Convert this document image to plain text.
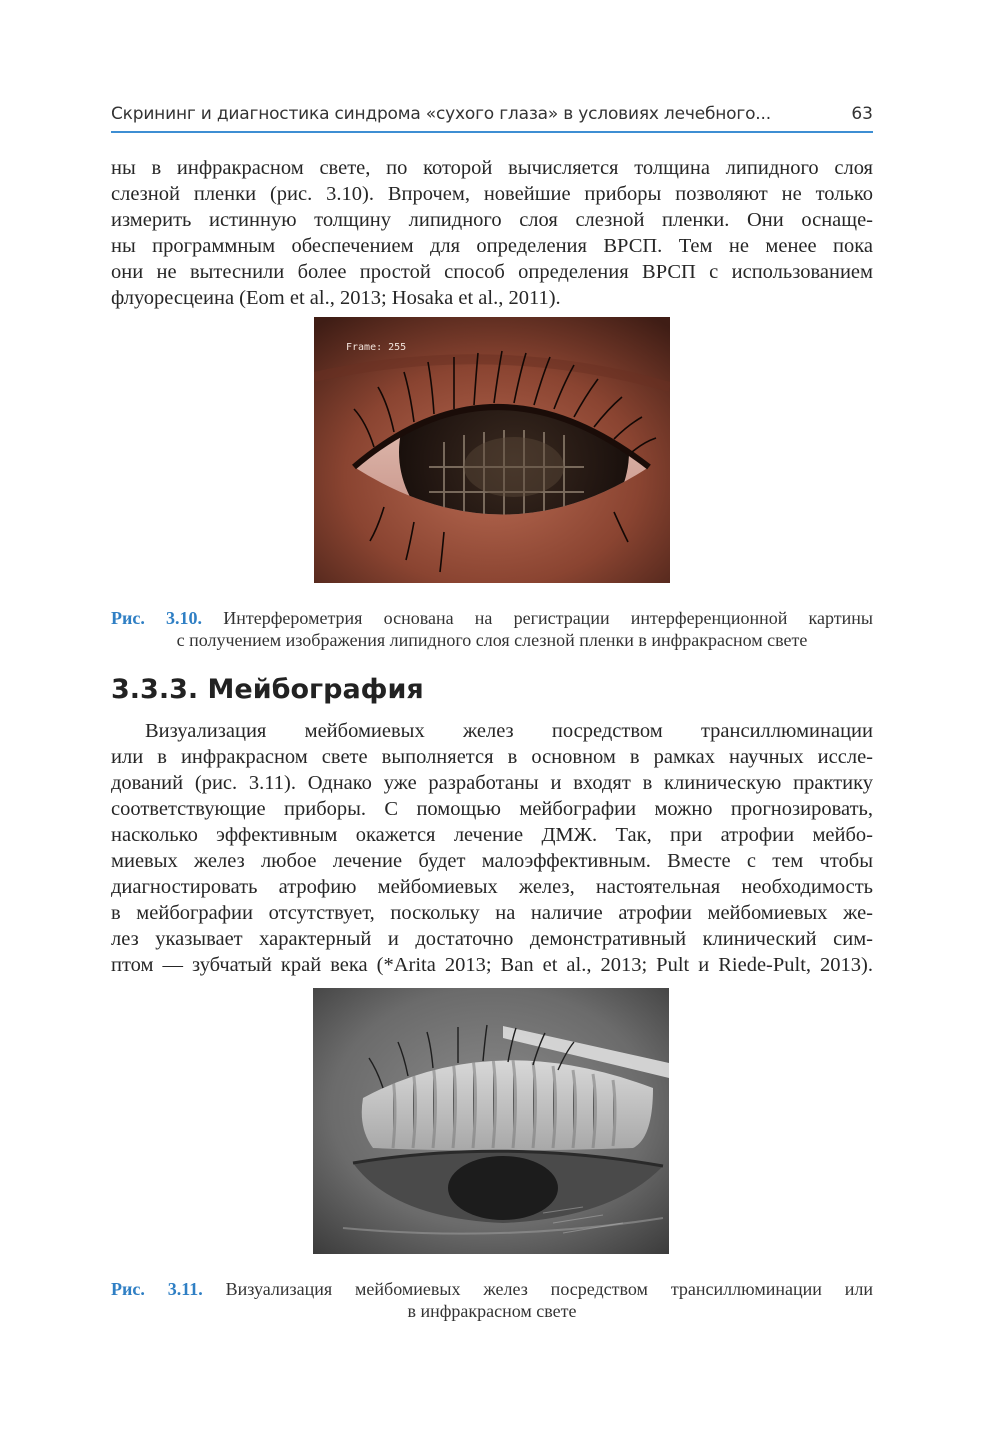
Скрининг и диагностика синдрома «сухого глаза» в условиях лечебного...	63
ны в инфракрасном свете, по которой вычисляется толщина липидного слоя
слезной пленки (рис. 3.10). Впрочем, новейшие приборы позволяют не только
измерить истинную толщину липидного слоя слезной пленки. Они оснаще-
ны программным обеспечением для определения ВРСП. Тем не менее пока
они не вытеснили более простой способ определения ВРСП с использованием
флуоресцеина (Eom et al., 2013; Hosaka et al., 2011).
Frame: 255
Рис. 3.10. Интерферометрия основана на регистрации интерференционной картины
с получением изображения липидного слоя слезной пленки в инфракрасном свете
3.3.3. Мейбография
Визуализация мейбомиевых желез посредством трансиллюминации
или в инфракрасном свете выполняется в основном в рамках научных иссле-
дований (рис. 3.11). Однако уже разработаны и входят в клиническую практику
соответствующие приборы. С помощью мейбографии можно прогнозировать,
насколько эффективным окажется лечение ДМЖ. Так, при атрофии мейбо-
миевых желез любое лечение будет малоэффективным. Вместе с тем чтобы
диагностировать атрофию мейбомиевых желез, настоятельная необходимость
в мейбографии отсутствует, поскольку на наличие атрофии мейбомиевых же-
лез указывает характерный и достаточно демонстративный клинический сим-
птом — зубчатый край века (*Arita 2013; Ban et al., 2013; Pult и Riede-Pult, 2013).
Рис. 3.11. Визуализация мейбомиевых желез посредством трансиллюминации или
в инфракрасном свете
